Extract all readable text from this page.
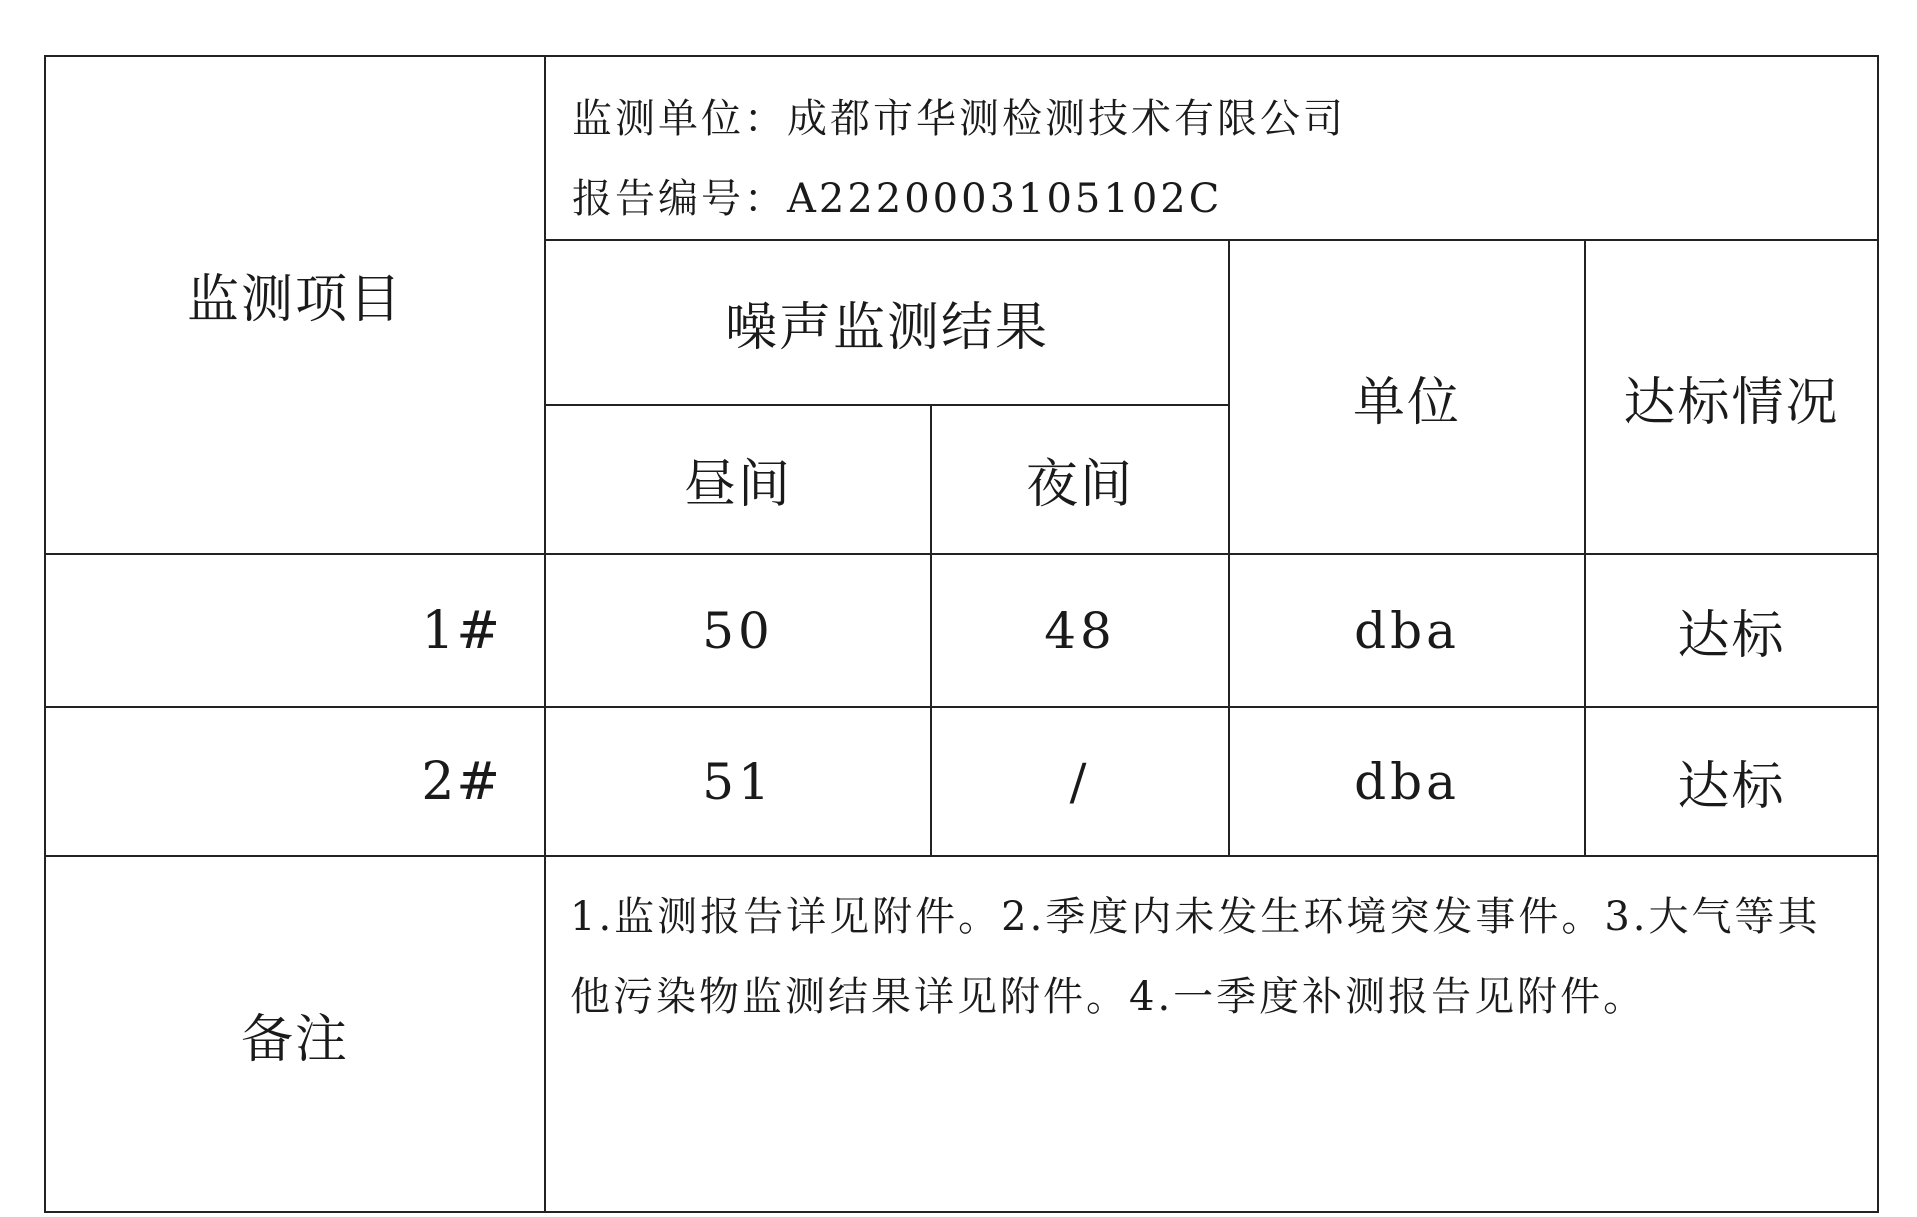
监测项目	监测单位：成都市华测检测技术有限公司
报告编号：A2220003105102C			

	噪声监测结果		单位	达标情况
	昼间	夜间		
1#	50	48	dba	达标
2#	51	/	dba	达标
备注	1.监测报告详见附件。2.季度内未发生环境突发事件。3.大气等其他污染物监测结果详见附件。4.一季度补测报告见附件。			
